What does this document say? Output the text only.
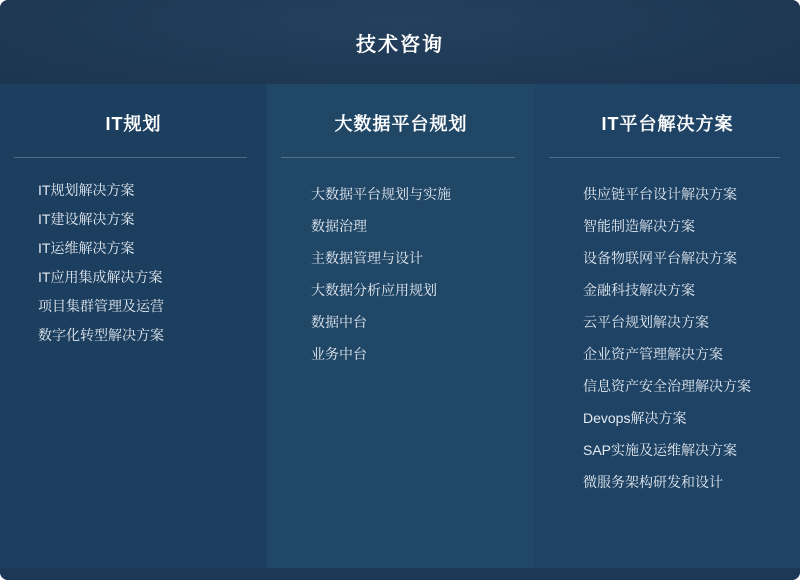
技术咨询
IT规划
IT规划解决方案
IT建设解决方案
IT运维解决方案
IT应用集成解决方案
项目集群管理及运营
数字化转型解决方案
大数据平台规划
大数据平台规划与实施
数据治理
主数据管理与设计
大数据分析应用规划
数据中台
业务中台
IT平台解决方案
供应链平台设计解决方案
智能制造解决方案
设备物联网平台解决方案
金融科技解决方案
云平台规划解决方案
企业资产管理解决方案
信息资产安全治理解决方案
Devops解决方案
SAP实施及运维解决方案
微服务架构研发和设计
